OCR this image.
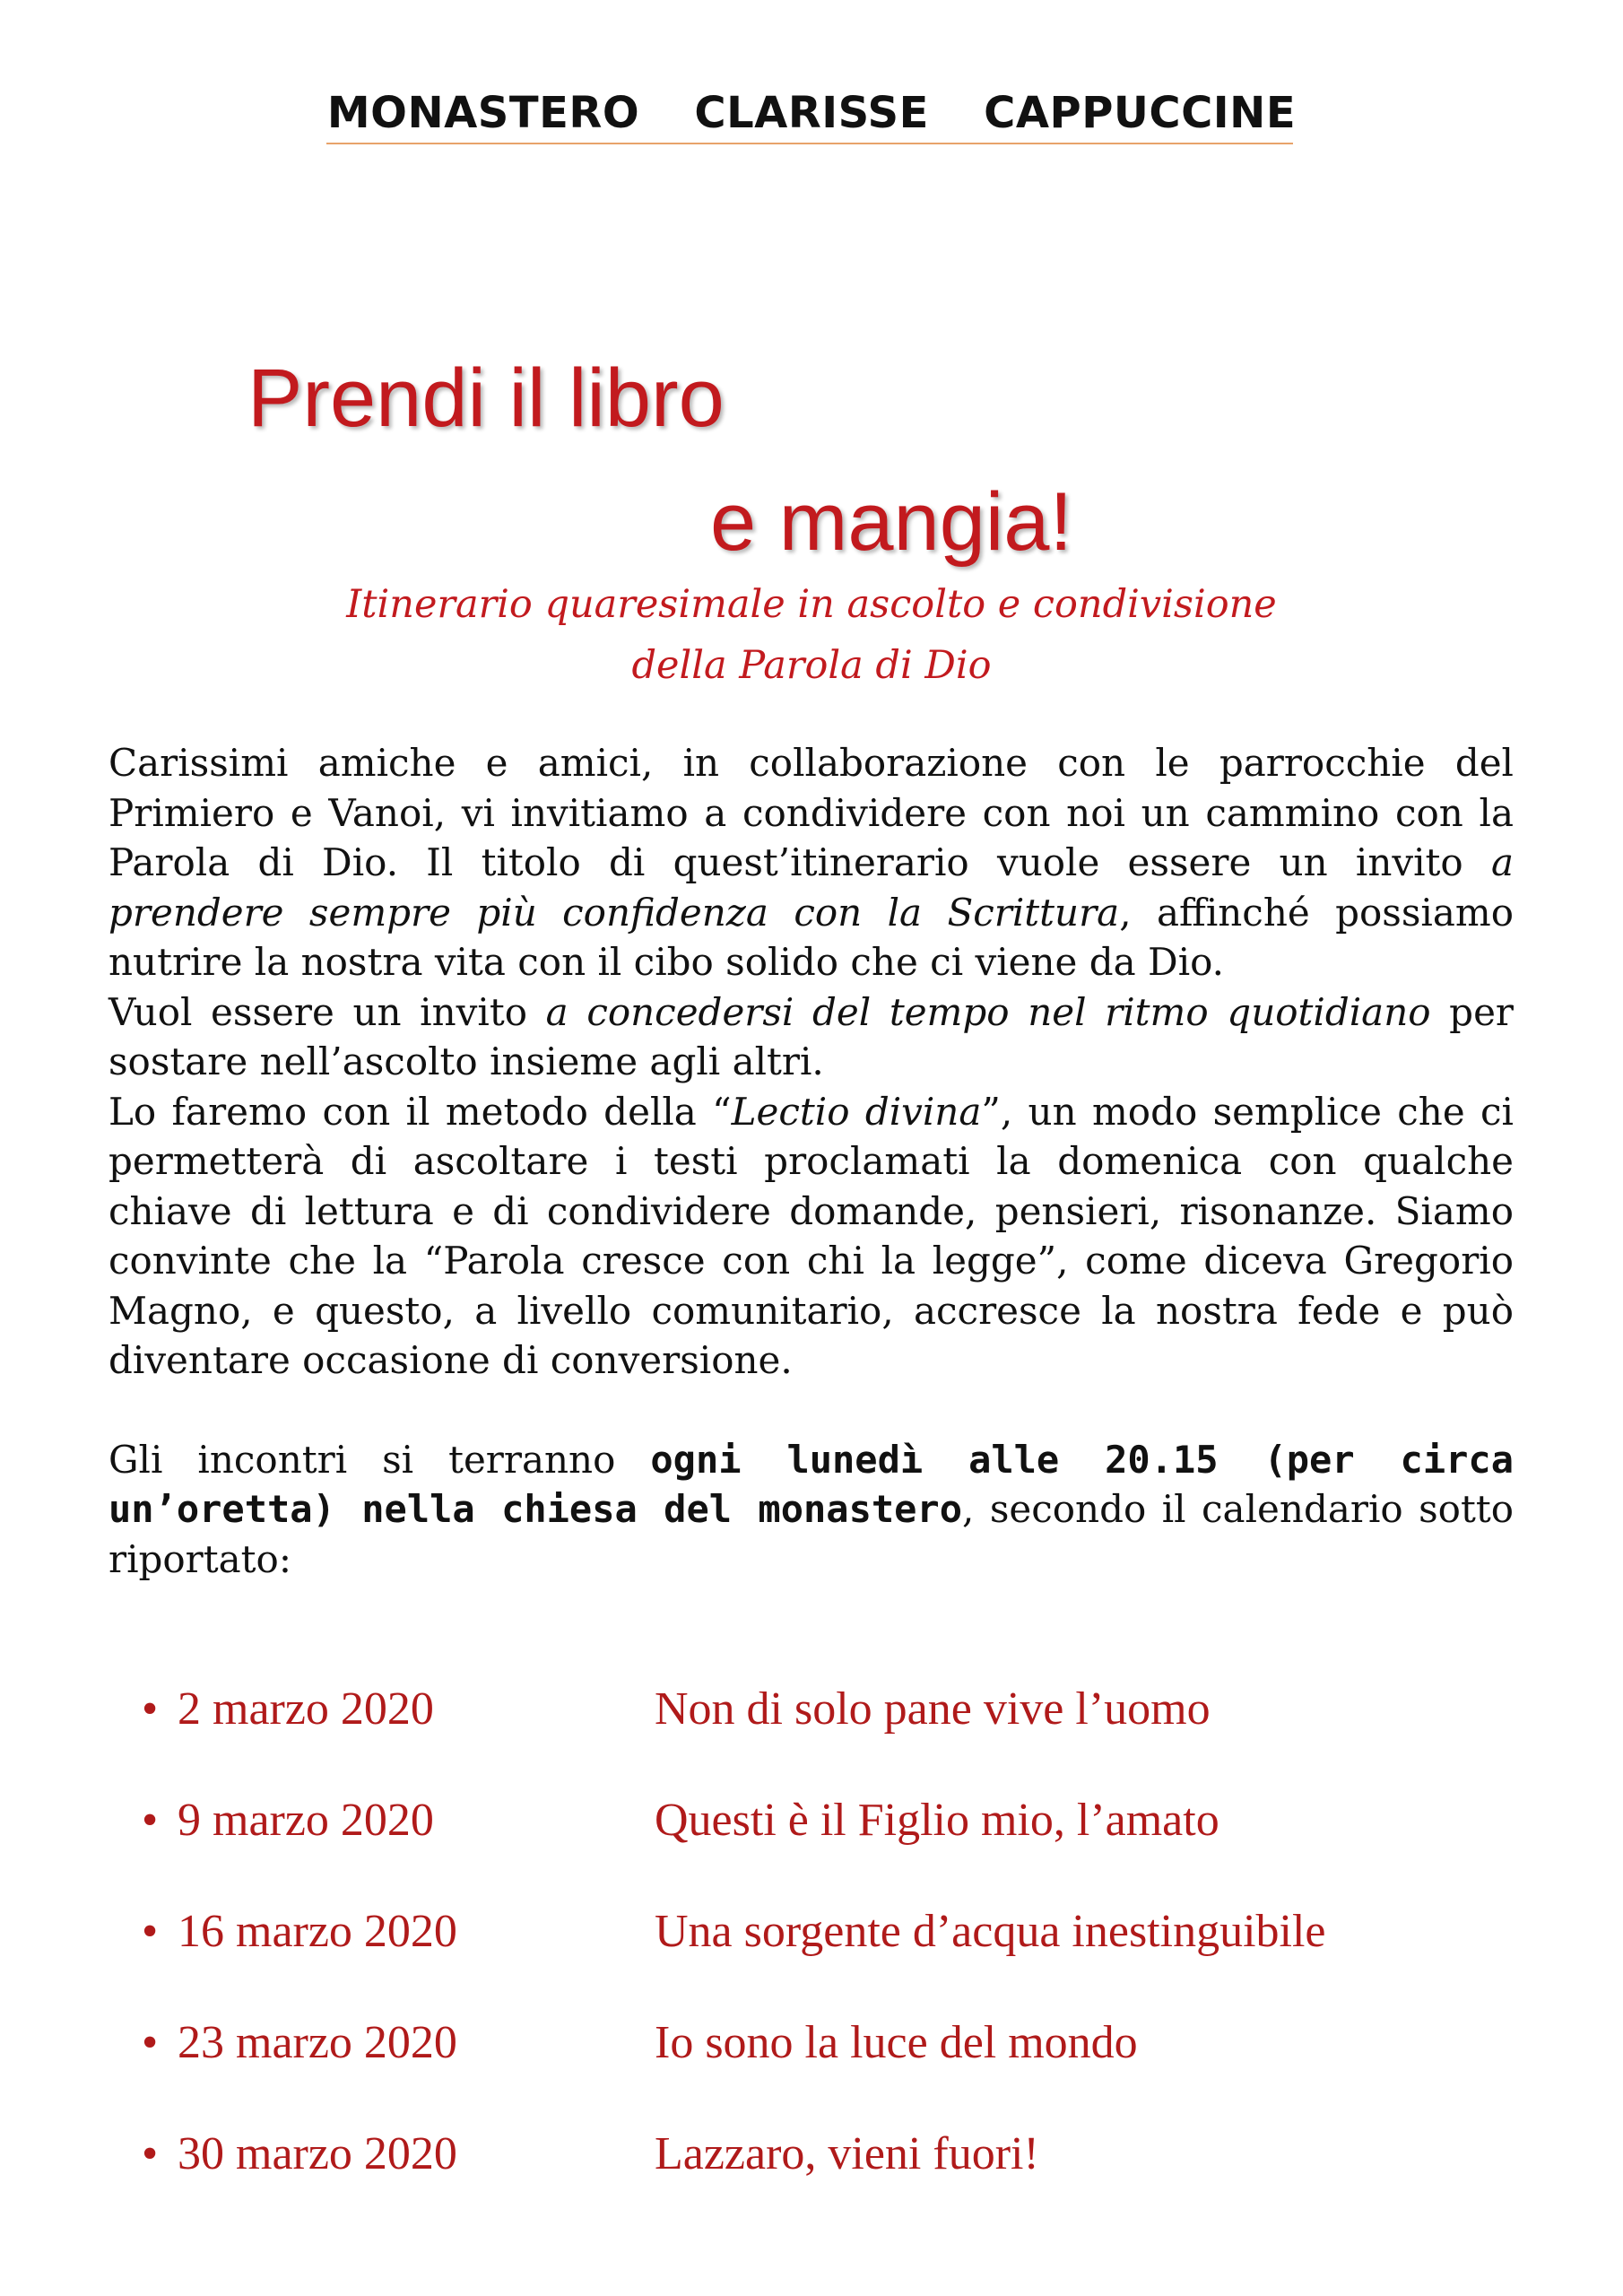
MONASTERO CLARISSE CAPPUCCINE
Prendi il libro
e mangia!
Itinerario quaresimale in ascolto e condivisione
della Parola di Dio

Carissimi amiche e amici, in collaborazione con le parrocchie del Primiero e Vanoi, vi invitiamo a condividere con noi un cammino con la Parola di Dio. Il titolo di quest’itinerario vuole essere un invito a prendere sempre più confidenza con la Scrittura, affinché possiamo nutrire la nostra vita con il cibo solido che ci viene da Dio.

Vuol essere un invito a concedersi del tempo nel ritmo quotidiano per sostare nell’ascolto insieme agli altri.

Lo faremo con il metodo della “Lectio divina”, un modo semplice che ci permetterà di ascoltare i testi proclamati la domenica con qualche chiave di lettura e di condividere domande, pensieri, risonanze. Siamo convinte che la “Parola cresce con chi la legge”, come diceva Gregorio Magno, e questo, a livello comunitario, accresce la nostra fede e può diventare occasione di conversione.

Gli incontri si terranno ogni lunedì alle 20.15 (per circa un’oretta) nella chiesa del monastero, secondo il calendario sotto riportato:

• 2 marzo 2020	Non di solo pane vive l’uomo
• 9 marzo 2020	Questi è il Figlio mio, l’amato
• 16 marzo 2020	Una sorgente d’acqua inestinguibile
• 23 marzo 2020	Io sono la luce del mondo
• 30 marzo 2020	Lazzaro, vieni fuori!
